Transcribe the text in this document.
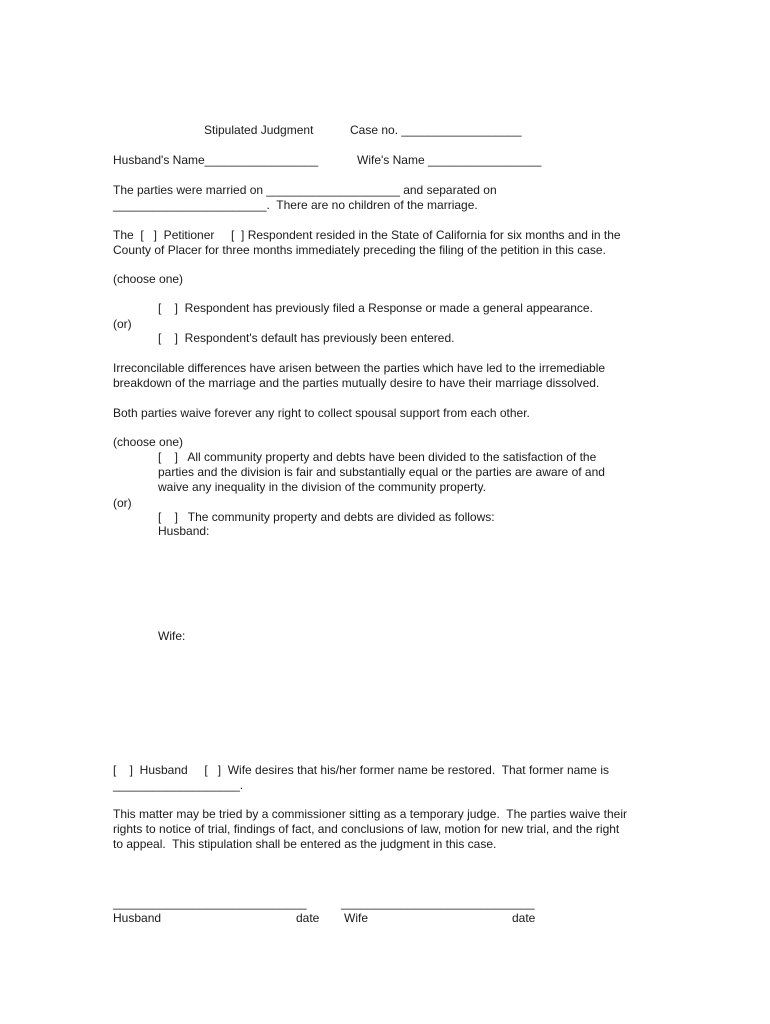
Stipulated Judgment	Case no. __________________
Husband's Name_________________	Wife's Name _________________
The parties were married on ____________________ and separated on
_______________________.  There are no children of the marriage.
The  [   ]  Petitioner     [  ] Respondent resided in the State of California for six months and in the
County of Placer for three months immediately preceding the filing of the petition in this case.
(choose one)
[    ]  Respondent has previously filed a Response or made a general appearance.
(or)
[    ]  Respondent's default has previously been entered.
Irreconcilable differences have arisen between the parties which have led to the irremediable
breakdown of the marriage and the parties mutually desire to have their marriage dissolved.
Both parties waive forever any right to collect spousal support from each other.
(choose one)
[    ]   All community property and debts have been divided to the satisfaction of the
parties and the division is fair and substantially equal or the parties are aware of and
waive any inequality in the division of the community property.
(or)
[    ]   The community property and debts are divided as follows:
Husband:
Wife:
[    ]  Husband     [   ]  Wife desires that his/her former name be restored.  That former name is
___________________.
This matter may be tried by a commissioner sitting as a temporary judge.  The parties waive their
rights to notice of trial, findings of fact, and conclusions of law, motion for new trial, and the right
to appeal.  This stipulation shall be entered as the judgment in this case.
_____________________________	_____________________________
Husband	date Wife	date
